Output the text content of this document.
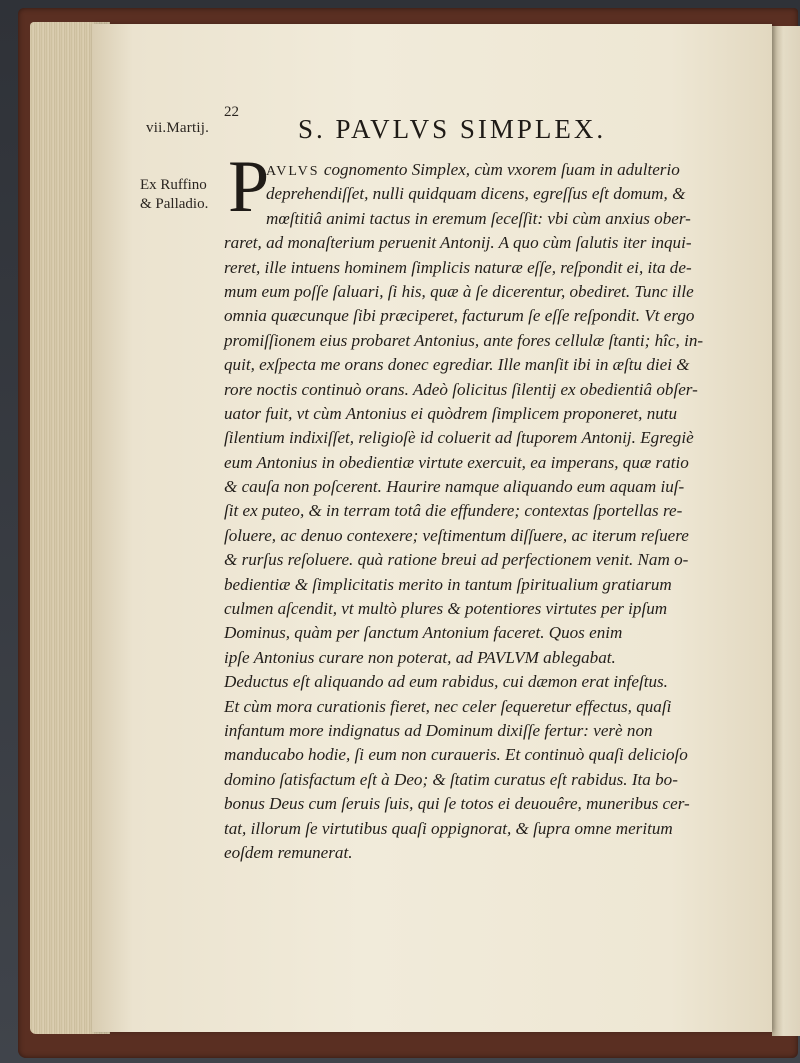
22
vii.Martij.	S. PAVLVS SIMPLEX.
Ex Ruffino
& Palladio. P
AVLVS cognomento Simplex, cùm vxorem ſuam in adulterio
deprehendiſſet, nulli quidquam dicens, egreſſus eſt domum, &
mœſtitiâ animi tactus in eremum ſeceſſit: vbi cùm anxius ober-
raret, ad monaſterium peruenit Antonij. A quo cùm ſalutis iter inqui-
reret, ille intuens hominem ſimplicis naturæ eſſe, reſpondit ei, ita de-
mum eum poſſe ſaluari, ſi his, quæ à ſe dicerentur, obediret. Tunc ille
omnia quæcunque ſibi præciperet, facturum ſe eſſe reſpondit. Vt ergo
promiſſionem eius probaret Antonius, ante fores cellulæ ſtanti; hîc, in-
quit, exſpecta me orans donec egrediar. Ille manſit ibi in æſtu diei &
rore noctis continuò orans. Adeò ſolicitus ſilentij ex obedientiâ obſer-
uator fuit, vt cùm Antonius ei quòdrem ſimplicem proponeret, nutu
ſilentium indixiſſet, religioſè id coluerit ad ſtuporem Antonij. Egregiè
eum Antonius in obedientiæ virtute exercuit, ea imperans, quæ ratio
& cauſa non poſcerent. Haurire namque aliquando eum aquam iuſ-
ſit ex puteo, & in terram totâ die effundere; contextas ſportellas re-
ſoluere, ac denuo contexere; veſtimentum diſſuere, ac iterum reſuere
& rurſus reſoluere. quà ratione breui ad perfectionem venit. Nam o-
bedientiæ & ſimplicitatis merito in tantum ſpiritualium gratiarum
culmen aſcendit, vt multò plures & potentiores virtutes per ipſum
Dominus, quàm per ſanctum Antonium faceret. Quos enim
ipſe Antonius curare non poterat, ad PAVLVM ablegabat.
Deductus eſt aliquando ad eum rabidus, cui dæmon erat infeſtus.
Et cùm mora curationis fieret, nec celer ſequeretur effectus, quaſi
infantum more indignatus ad Dominum dixiſſe fertur: verè non
manducabo hodie, ſi eum non curaueris. Et continuò quaſi delicioſo
domino ſatisfactum eſt à Deo; & ſtatim curatus eſt rabidus. Ita bo-
bonus Deus cum ſeruis ſuis, qui ſe totos ei deuouêre, muneribus cer-
tat, illorum ſe virtutibus quaſi oppignorat, & ſupra omne meritum
eoſdem remunerat.
